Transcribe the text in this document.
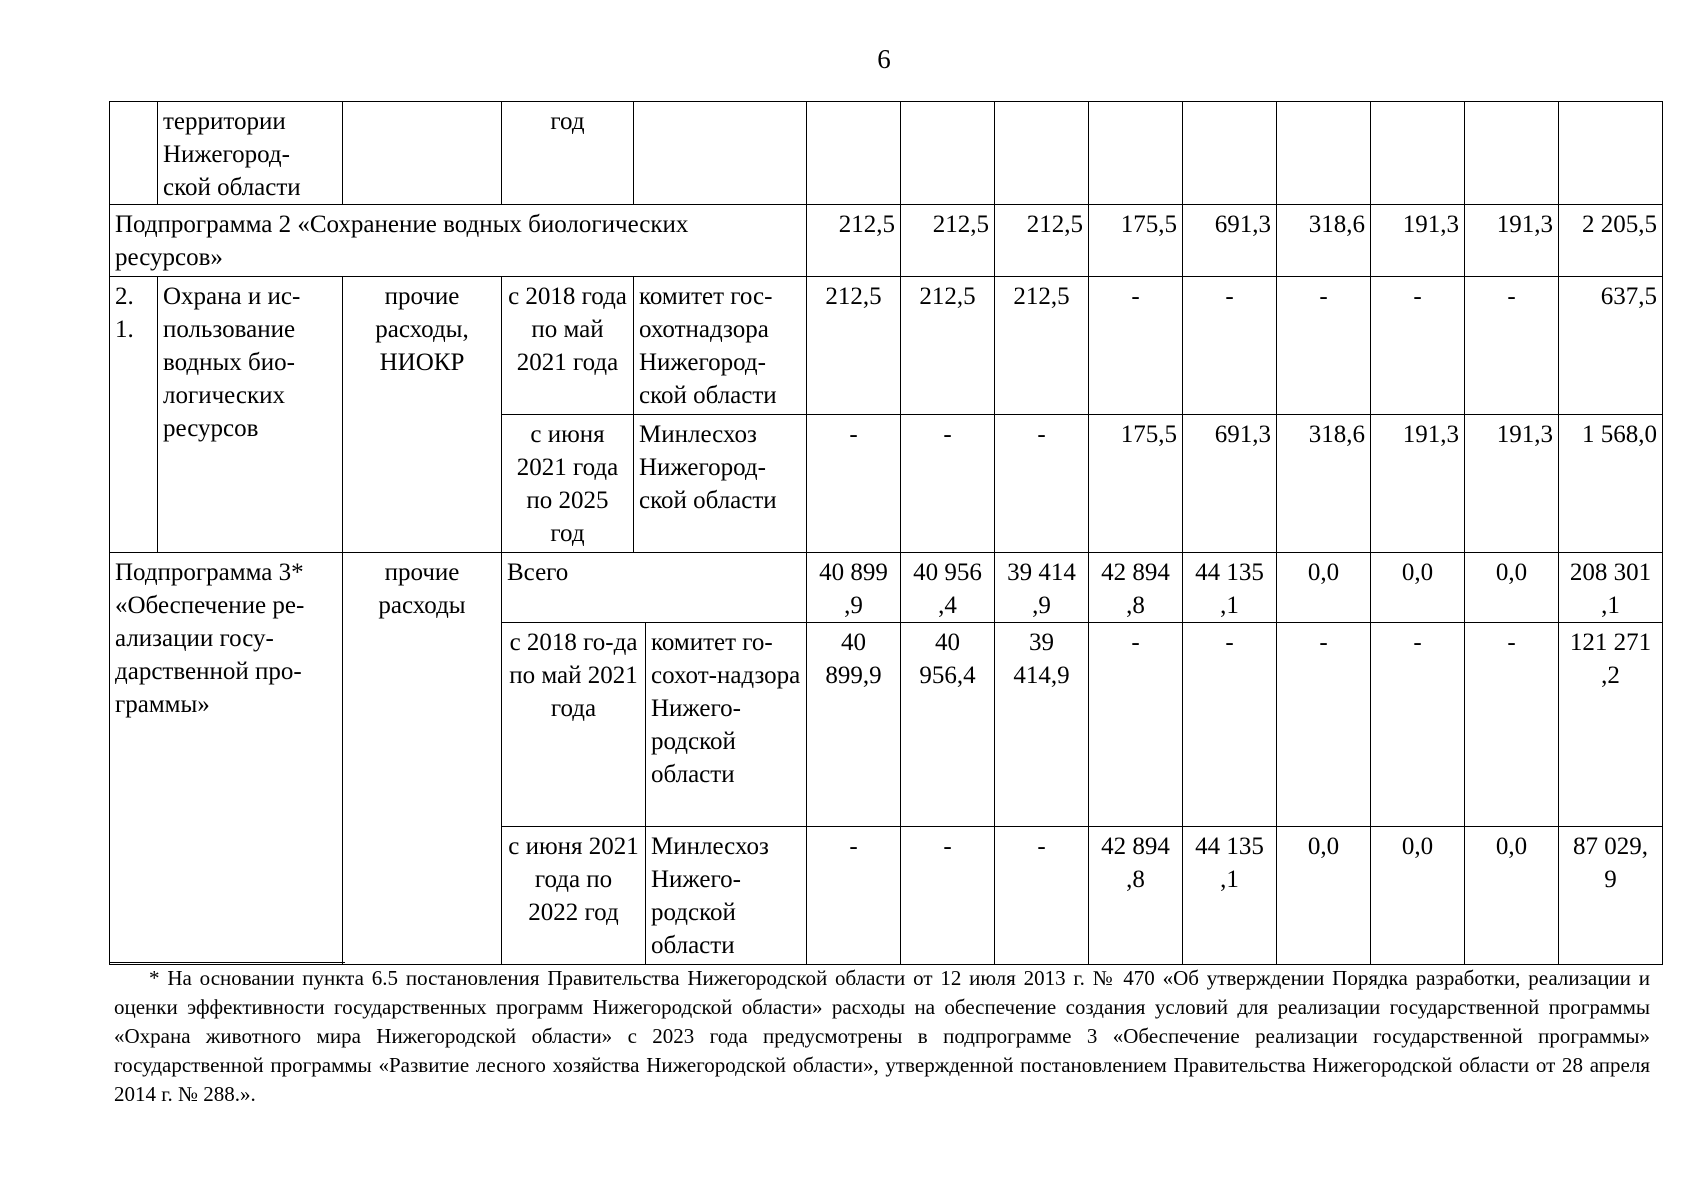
6
	территории Нижегород-ской области		год											
Подпрограмма 2 «Сохранение водных биологических ресурсов»						212,5	212,5	212,5	175,5	691,3	318,6	191,3	191,3	2 205,5
2. 1.	Охрана и ис-пользование водных био-логических ресурсов	прочие расходы, НИОКР	с 2018 года по май 2021 года	комитет гос-охотнадзора Нижегород-ской области		212,5	212,5	212,5	-	-	-	-	-	637,5
			с июня 2021 года по 2025 год	Минлесхоз Нижегород-ской области		-	-	-	175,5	691,3	318,6	191,3	191,3	1 568,0
Подпрограмма 3* «Обеспечение ре-ализации госу-дарственной про-граммы»		прочие расходы	Всего			40 899 ,9	40 956 ,4	39 414 ,9	42 894 ,8	44 135 ,1	0,0	0,0	0,0	208 301 ,1
			с 2018 го-да по май 2021 года		комитет го-сохот-надзора Нижего-родской области	40 899,9	40 956,4	39 414,9	-	-	-	-	-	121 271 ,2
			с июня 2021 года по 2022 год		Минлесхоз Нижего-родской области	-	-	-	42 894 ,8	44 135 ,1	0,0	0,0	0,0	87 029, 9
* На основании пункта 6.5 постановления Правительства Нижегородской области от 12 июля 2013 г. № 470 «Об утверждении Порядка разработки, реализации и оценки эффективности государственных программ Нижегородской области» расходы на обеспечение создания условий для реализации государственной программы «Охрана животного мира Нижегородской области» с 2023 года предусмотрены в подпрограмме 3 «Обеспечение реализации государственной программы» государственной программы «Развитие лесного хозяйства Нижегородской области», утвержденной постановлением Правительства Нижегородской области от 28 апреля 2014 г. № 288.».
